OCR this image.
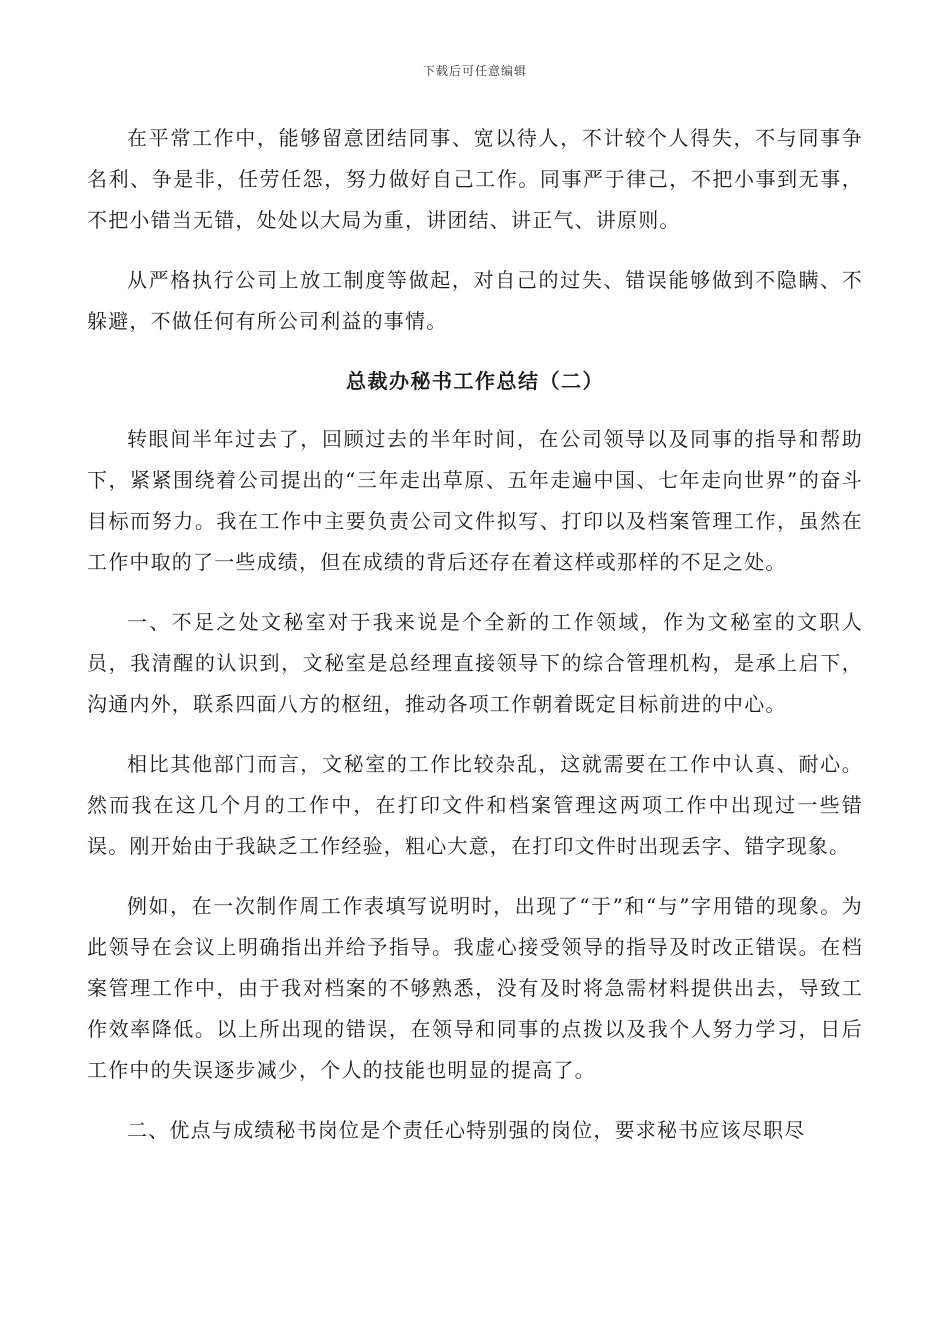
下载后可任意编辑

在平常工作中，能够留意团结同事、宽以待人，不计较个人得失，不与同事争名利、争是非，任劳任怨，努力做好自己工作。同事严于律己，不把小事到无事，不把小错当无错，处处以大局为重，讲团结、讲正气、讲原则。

从严格执行公司上放工制度等做起，对自己的过失、错误能够做到不隐瞒、不躲避，不做任何有所公司利益的事情。

总裁办秘书工作总结（二）

转眼间半年过去了，回顾过去的半年时间，在公司领导以及同事的指导和帮助下，紧紧围绕着公司提出的“三年走出草原、五年走遍中国、七年走向世界”的奋斗目标而努力。我在工作中主要负责公司文件拟写、打印以及档案管理工作，虽然在工作中取的了一些成绩，但在成绩的背后还存在着这样或那样的不足之处。

一、不足之处文秘室对于我来说是个全新的工作领域，作为文秘室的文职人员，我清醒的认识到，文秘室是总经理直接领导下的综合管理机构，是承上启下，沟通内外，联系四面八方的枢纽，推动各项工作朝着既定目标前进的中心。

相比其他部门而言，文秘室的工作比较杂乱，这就需要在工作中认真、耐心。然而我在这几个月的工作中，在打印文件和档案管理这两项工作中出现过一些错误。刚开始由于我缺乏工作经验，粗心大意，在打印文件时出现丢字、错字现象。

例如，在一次制作周工作表填写说明时，出现了“于”和“与”字用错的现象。为此领导在会议上明确指出并给予指导。我虚心接受领导的指导及时改正错误。在档案管理工作中，由于我对档案的不够熟悉，没有及时将急需材料提供出去，导致工作效率降低。以上所出现的错误，在领导和同事的点拨以及我个人努力学习，日后工作中的失误逐步减少，个人的技能也明显的提高了。

二、优点与成绩秘书岗位是个责任心特别强的岗位，要求秘书应该尽职尽
